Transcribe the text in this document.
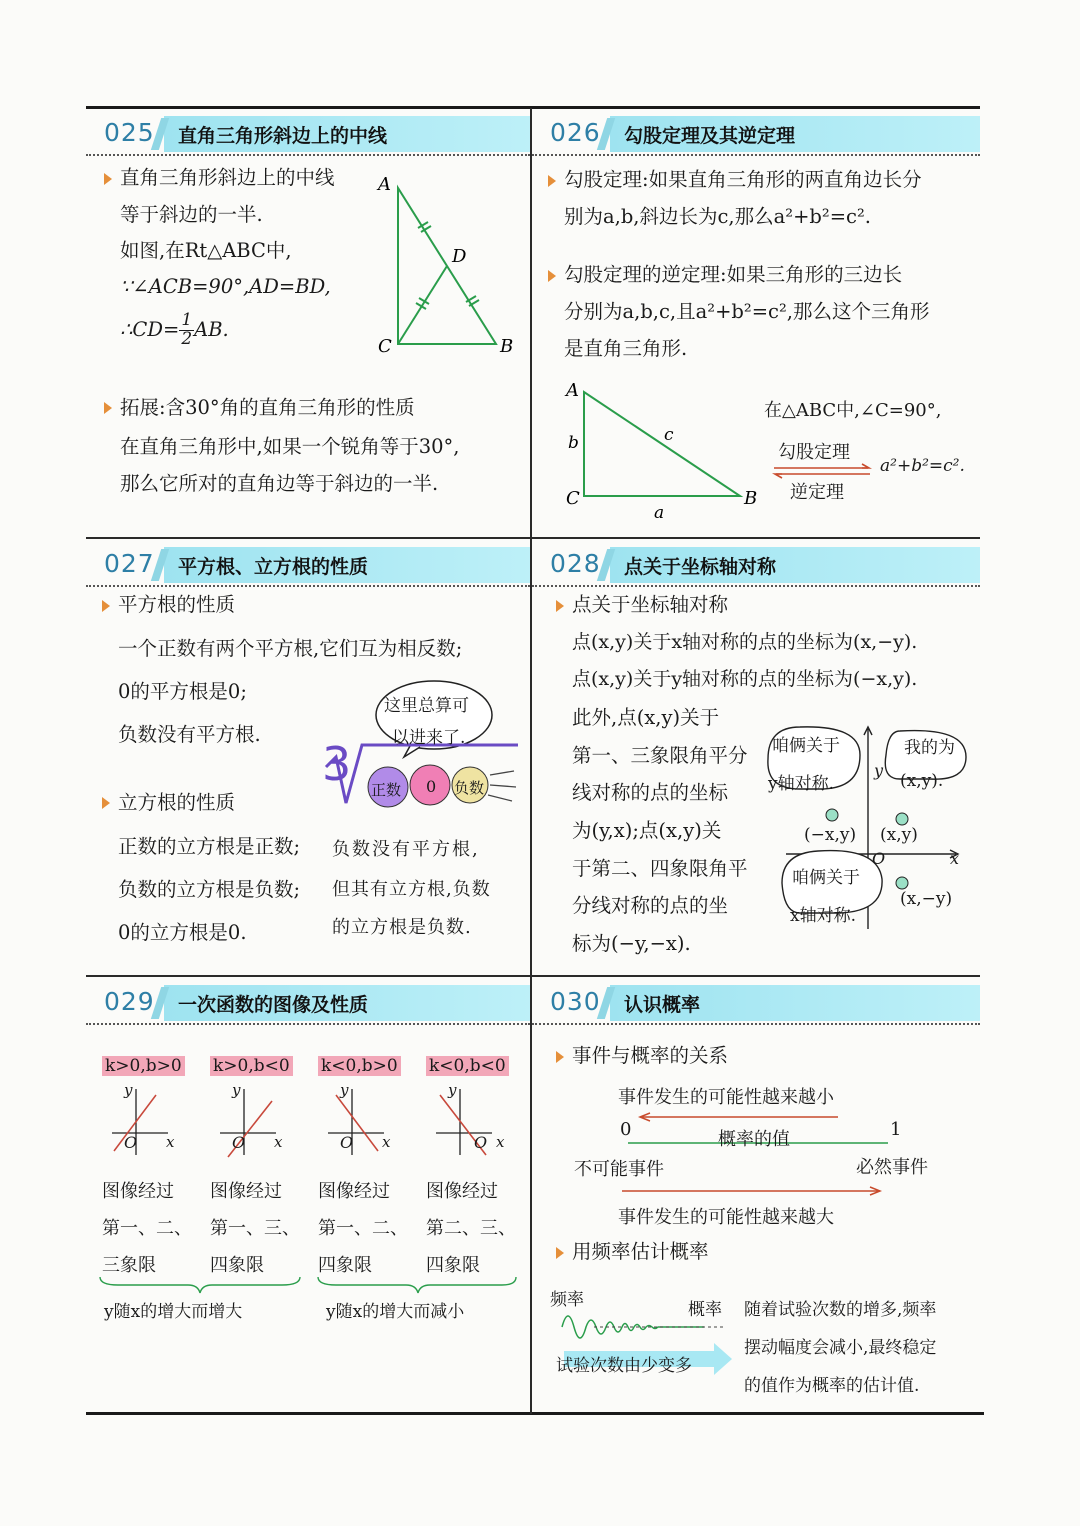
025 直角三角形斜边上的中线
直角三角形斜边上的中线
等于斜边的一半.
如图,在Rt△ABC中,
∵∠ACB=90°,AD=BD,
∴CD= $\frac{1}{2}$ AB.
A
D
C	B
拓展:含30°角的直角三角形的性质
在直角三角形中,如果一个锐角等于30°,
那么它所对的直角边等于斜边的一半.
026 勾股定理及其逆定理
勾股定理:如果直角三角形的两直角边长分
别为a,b,斜边长为c,那么a²+b²=c².
勾股定理的逆定理:如果三角形的三边长
分别为a,b,c,且a²+b²=c²,那么这个三角形
是直角三角形.
A
C	B
b	c
a
在△ABC中,∠C=90°,
勾股定理
逆定理
a²+b²=c².
027 平方根、立方根的性质
平方根的性质
一个正数有两个平方根,它们互为相反数;
0的平方根是0;
负数没有平方根.
这里总算可
以进来了.
3 正数 0 负数
立方根的性质
正数的立方根是正数;
负数的立方根是负数;
0的立方根是0.
负数没有平方根,
但其有立方根,负数
的立方根是负数.
028 点关于坐标轴对称
点关于坐标轴对称
点(x,y)关于x轴对称的点的坐标为(x,−y).
点(x,y)关于y轴对称的点的坐标为(−x,y).
此外,点(x,y)关于
第一、三象限角平分
线对称的点的坐标
为(y,x);点(x,y)关
于第二、四象限角平
分线对称的点的坐
标为(−y,−x).
咱俩关于
y轴对称.
我的为
(x,y).
咱俩关于
x轴对称.
(−x,y) (x,y)
(x,−y)
y
x
O
029 一次函数的图像及性质
k>0,b>0 k>0,b<0 k<0,b>0 k<0,b<0
y	y	y	y
O	O	O	O
x	x	x	x
图像经过
第一、二、
三象限
图像经过
第一、三、
四象限
图像经过
第一、二、
四象限
图像经过
第二、三、
四象限
y随x的增大而增大	y随x的增大而减小
030 认识概率
事件与概率的关系
事件发生的可能性越来越小
0	概率的值	1
不可能事件	必然事件
事件发生的可能性越来越大
用频率估计概率
频率	概率
试验次数由少变多
随着试验次数的增多,频率
摆动幅度会减小,最终稳定
的值作为概率的估计值.
